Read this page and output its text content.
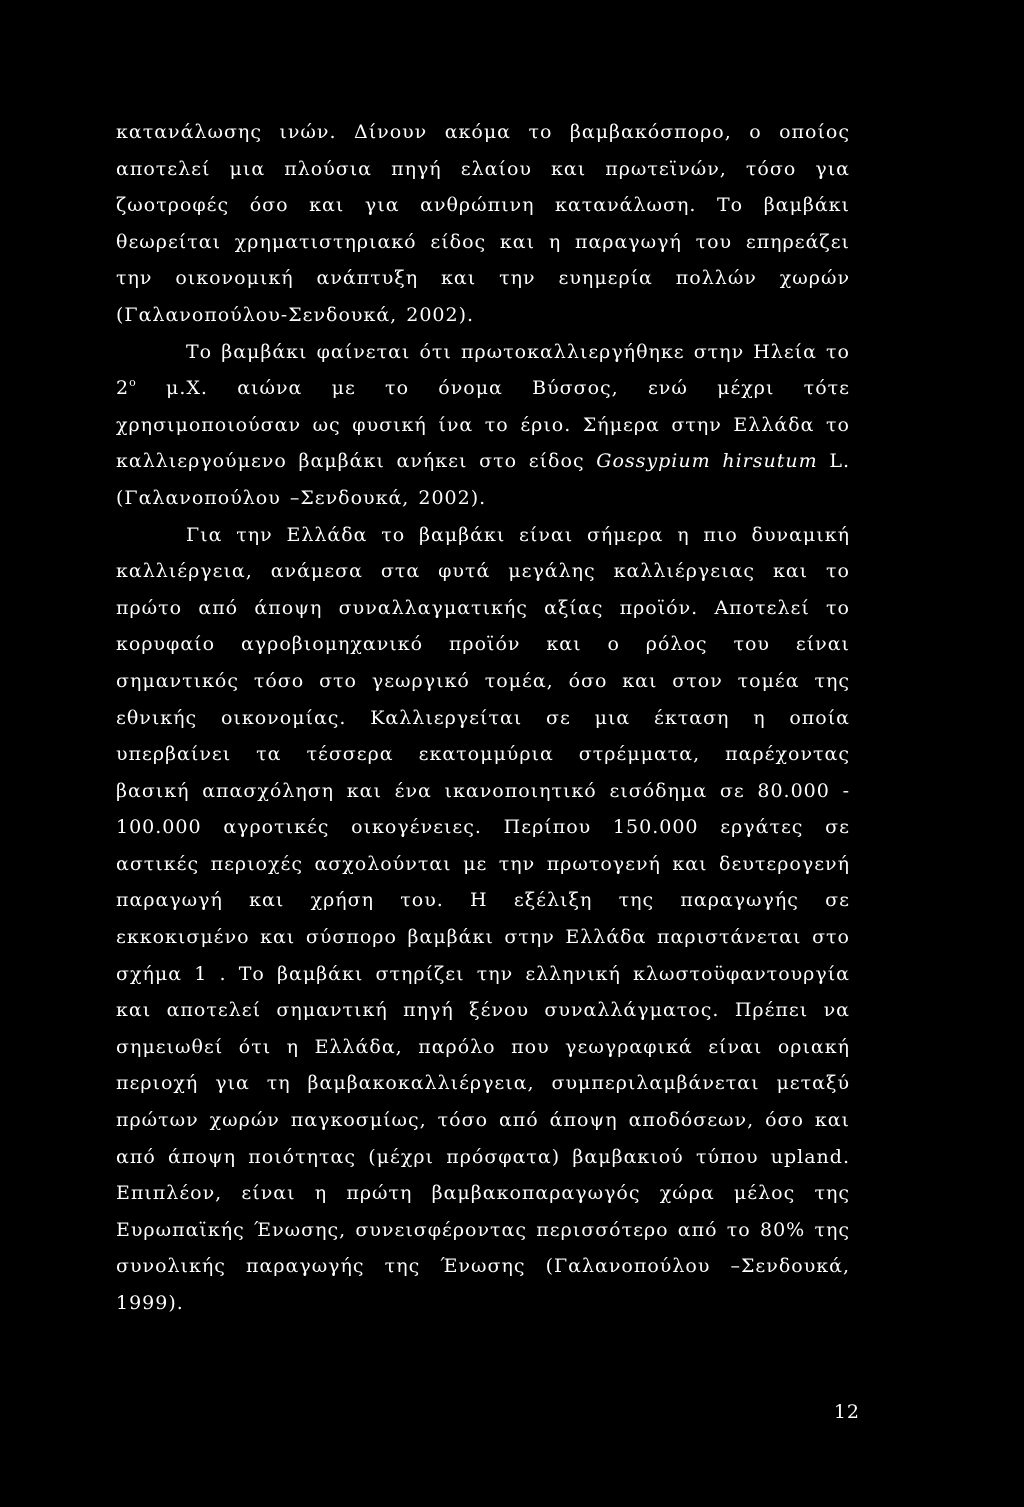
κατανάλωσης ινών. Δίνουν ακόμα το βαμβακόσπορο, ο οποίος αποτελεί μια πλούσια πηγή ελαίου και πρωτεϊνών, τόσο για ζωοτροφές όσο και για ανθρώπινη κατανάλωση. Το βαμβάκι θεωρείται χρηματιστηριακό είδος και η παραγωγή του επηρεάζει την οικονομική ανάπτυξη και την ευημερία πολλών χωρών (Γαλανοπούλου-Σενδουκά, 2002).

Το βαμβάκι φαίνεται ότι πρωτοκαλλιεργήθηκε στην Ηλεία το $2^o$ μ.Χ. αιώνα με το όνομα Βύσσος, ενώ μέχρι τότε χρησιμοποιούσαν ως φυσική ίνα το έριο. Σήμερα στην Ελλάδα το καλλιεργούμενο βαμβάκι ανήκει στο είδος Gossypium hirsutum L. (Γαλανοπούλου –Σενδουκά, 2002).

Για την Ελλάδα το βαμβάκι είναι σήμερα η πιο δυναμική καλλιέργεια, ανάμεσα στα φυτά μεγάλης καλλιέργειας και το πρώτο από άποψη συναλλαγματικής αξίας προϊόν. Αποτελεί το κορυφαίο αγροβιομηχανικό προϊόν και ο ρόλος του είναι σημαντικός τόσο στο γεωργικό τομέα, όσο και στον τομέα της εθνικής οικονομίας. Καλλιεργείται σε μια έκταση η οποία υπερβαίνει τα τέσσερα εκατομμύρια στρέμματα, παρέχοντας βασική απασχόληση και ένα ικανοποιητικό εισόδημα σε 80.000 - 100.000 αγροτικές οικογένειες. Περίπου 150.000 εργάτες σε αστικές περιοχές ασχολούνται με την πρωτογενή και δευτερογενή παραγωγή και χρήση του. Η εξέλιξη της παραγωγής σε εκκοκισμένο και σύσπορο βαμβάκι στην Ελλάδα παριστάνεται στο σχήμα 1 . Το βαμβάκι στηρίζει την ελληνική κλωστοϋφαντουργία και αποτελεί σημαντική πηγή ξένου συναλλάγματος. Πρέπει να σημειωθεί ότι η Ελλάδα, παρόλο που γεωγραφικά είναι οριακή περιοχή για τη βαμβακοκαλλιέργεια, συμπεριλαμβάνεται μεταξύ πρώτων χωρών παγκοσμίως, τόσο από άποψη αποδόσεων, όσο και από άποψη ποιότητας (μέχρι πρόσφατα) βαμβακιού τύπου upland. Επιπλέον, είναι η πρώτη βαμβακοπαραγωγός χώρα μέλος της Ευρωπαϊκής Ένωσης, συνεισφέροντας περισσότερο από το 80% της συνολικής παραγωγής της Ένωσης (Γαλανοπούλου –Σενδουκά, 1999).

12
